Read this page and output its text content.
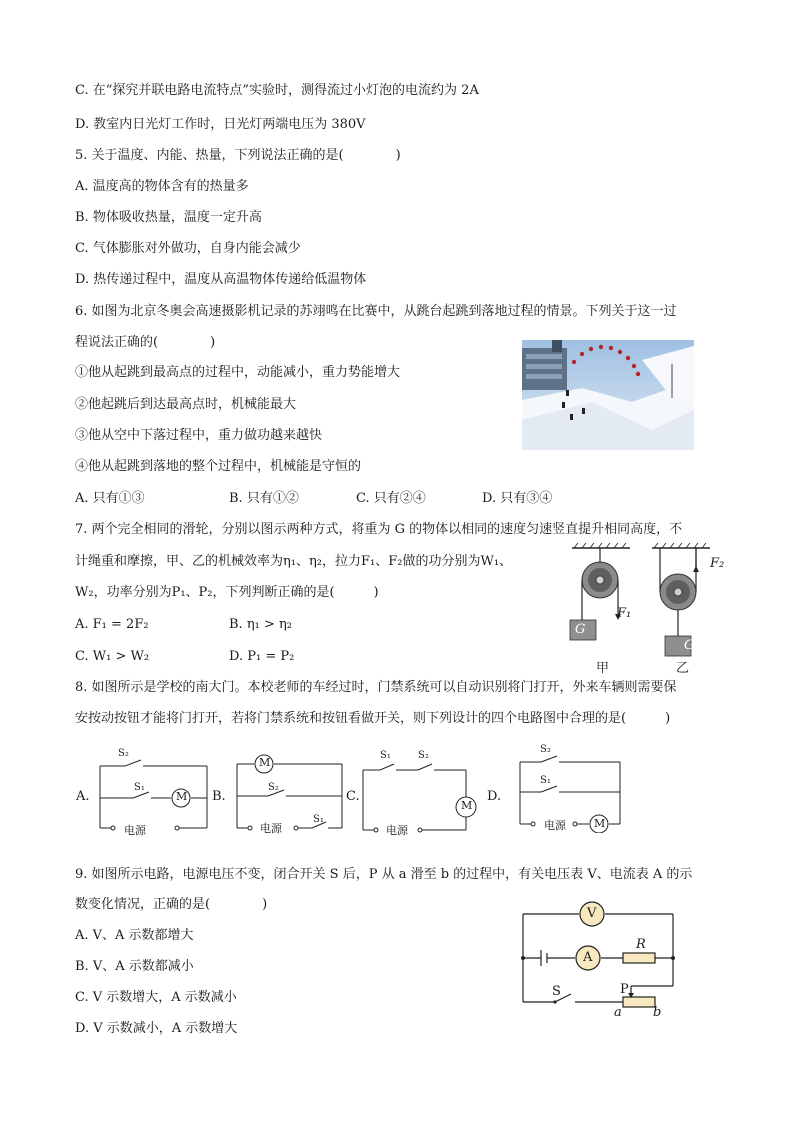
C. 在“探究并联电路电流特点”实验时，测得流过小灯泡的电流约为 2A
D. 教室内日光灯工作时，日光灯两端电压为 380V
5. 关于温度、内能、热量，下列说法正确的是(　　　　)
A. 温度高的物体含有的热量多
B. 物体吸收热量，温度一定升高
C. 气体膨胀对外做功，自身内能会减少
D. 热传递过程中，温度从高温物体传递给低温物体
6. 如图为北京冬奥会高速摄影机记录的苏翊鸣在比赛中，从跳台起跳到落地过程的情景。下列关于这一过
程说法正确的(　　　　)
①他从起跳到最高点的过程中，动能减小，重力势能增大
②他起跳后到达最高点时，机械能最大
③他从空中下落过程中，重力做功越来越快
④他从起跳到落地的整个过程中，机械能是守恒的
A. 只有①③	B. 只有①②	C. 只有②④	D. 只有③④
7. 两个完全相同的滑轮，分别以图示两种方式，将重为 G 的物体以相同的速度匀速竖直提升相同高度，不
计绳重和摩擦，甲、乙的机械效率为η₁、η₂，拉力F₁、F₂做的功分别为W₁、
W₂，功率分别为P₁、P₂，下列判断正确的是(　　　)
A. F₁ = 2F₂	B. η₁ > η₂
C. W₁ > W₂	D. P₁ = P₂
G
F₁
F₂
G
甲	乙
8. 如图所示是学校的南大门。本校老师的车经过时，门禁系统可以自动识别将门打开，外来车辆则需要保
安按动按钮才能将门打开，若将门禁系统和按钮看做开关，则下列设计的四个电路图中合理的是(　　　)
A.	B.	C.	D.
M
S₂
S₁
电源
M
S₂
S₁
电源
M
S₁	S₂
电源
M
S₂
S₁
电源
9. 如图所示电路，电源电压不变，闭合开关 S 后，P 从 a 滑至 b 的过程中，有关电压表 V、电流表 A 的示
数变化情况，正确的是(　　　　)
A. V、A 示数都增大
B. V、A 示数都减小
C. V 示数增大，A 示数减小
D. V 示数减小，A 示数增大
V
A
R
S	P
a b
